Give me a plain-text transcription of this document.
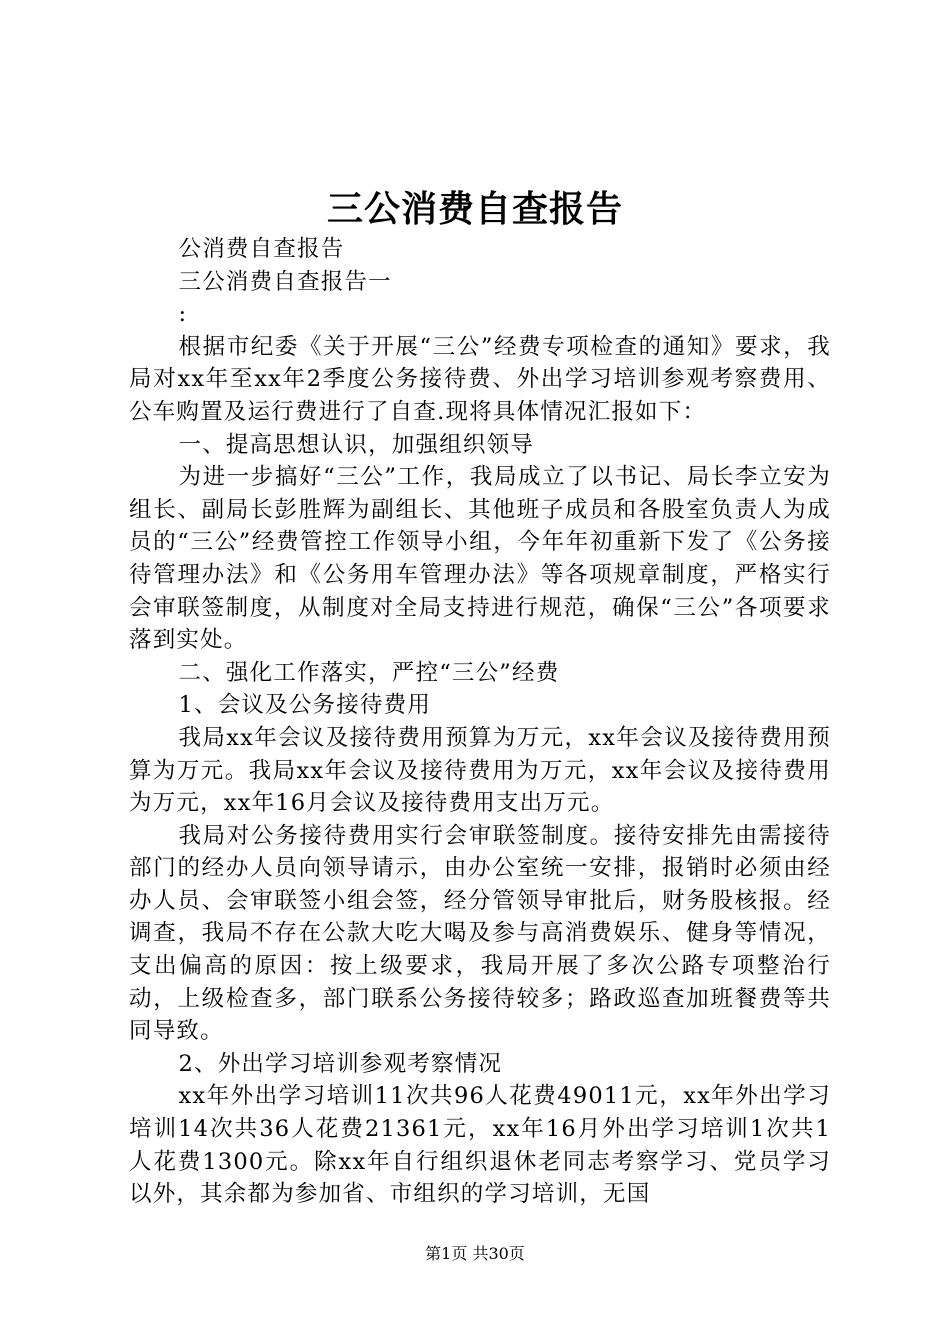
三公消费自查报告

公消费自查报告

三公消费自查报告一

:

根据市纪委《关于开展“三公”经费专项检查的通知》要求，我局对xx年至xx年2季度公务接待费、外出学习培训参观考察费用、公车购置及运行费进行了自查.现将具体情况汇报如下：

一、提高思想认识，加强组织领导

为进一步搞好“三公”工作，我局成立了以书记、局长李立安为组长、副局长彭胜辉为副组长、其他班子成员和各股室负责人为成员的“三公”经费管控工作领导小组，今年年初重新下发了《公务接待管理办法》和《公务用车管理办法》等各项规章制度，严格实行会审联签制度，从制度对全局支持进行规范，确保“三公”各项要求落到实处。

二、强化工作落实，严控“三公”经费

1、会议及公务接待费用

我局xx年会议及接待费用预算为万元，xx年会议及接待费用预算为万元。我局xx年会议及接待费用为万元，xx年会议及接待费用为万元，xx年16月会议及接待费用支出万元。

我局对公务接待费用实行会审联签制度。接待安排先由需接待部门的经办人员向领导请示，由办公室统一安排，报销时必须由经办人员、会审联签小组会签，经分管领导审批后，财务股核报。经调查，我局不存在公款大吃大喝及参与高消费娱乐、健身等情况，支出偏高的原因：按上级要求，我局开展了多次公路专项整治行动，上级检查多，部门联系公务接待较多；路政巡查加班餐费等共同导致。

2、外出学习培训参观考察情况

xx年外出学习培训11次共96人花费49011元，xx年外出学习培训14次共36人花费21361元，xx年16月外出学习培训1次共1人花费1300元。除xx年自行组织退休老同志考察学习、党员学习以外，其余都为参加省、市组织的学习培训，无国

第1页 共30页
